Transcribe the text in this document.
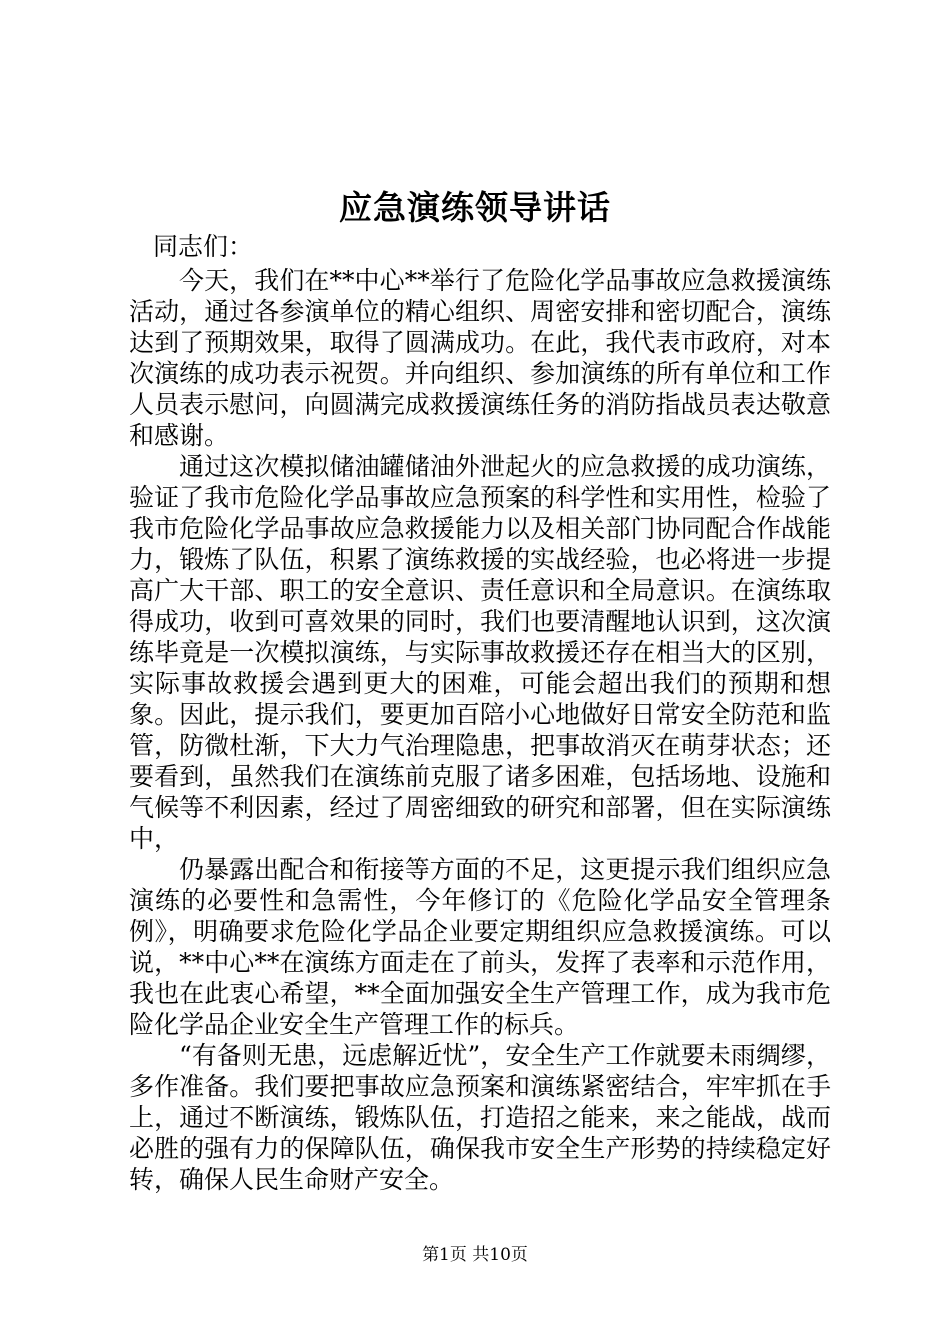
应急演练领导讲话

同志们：

今天，我们在**中心**举行了危险化学品事故应急救援演练活动，通过各参演单位的精心组织、周密安排和密切配合，演练达到了预期效果，取得了圆满成功。在此，我代表市政府，对本次演练的成功表示祝贺。并向组织、参加演练的所有单位和工作人员表示慰问，向圆满完成救援演练任务的消防指战员表达敬意和感谢。

通过这次模拟储油罐储油外泄起火的应急救援的成功演练，验证了我市危险化学品事故应急预案的科学性和实用性，检验了我市危险化学品事故应急救援能力以及相关部门协同配合作战能力，锻炼了队伍，积累了演练救援的实战经验，也必将进一步提高广大干部、职工的安全意识、责任意识和全局意识。在演练取得成功，收到可喜效果的同时，我们也要清醒地认识到，这次演练毕竟是一次模拟演练，与实际事故救援还存在相当大的区别，实际事故救援会遇到更大的困难，可能会超出我们的预期和想象。因此，提示我们，要更加百陪小心地做好日常安全防范和监管，防微杜渐，下大力气治理隐患，把事故消灭在萌芽状态；还要看到，虽然我们在演练前克服了诸多困难，包括场地、设施和气候等不利因素，经过了周密细致的研究和部署，但在实际演练中，

仍暴露出配合和衔接等方面的不足，这更提示我们组织应急演练的必要性和急需性，今年修订的《危险化学品安全管理条例》，明确要求危险化学品企业要定期组织应急救援演练。可以说，**中心**在演练方面走在了前头，发挥了表率和示范作用，我也在此衷心希望，**全面加强安全生产管理工作，成为我市危险化学品企业安全生产管理工作的标兵。

“有备则无患，远虑解近忧”，安全生产工作就要未雨绸缪，多作准备。我们要把事故应急预案和演练紧密结合，牢牢抓在手上，通过不断演练，锻炼队伍，打造招之能来，来之能战，战而必胜的强有力的保障队伍，确保我市安全生产形势的持续稳定好转，确保人民生命财产安全。

第1页 共10页
